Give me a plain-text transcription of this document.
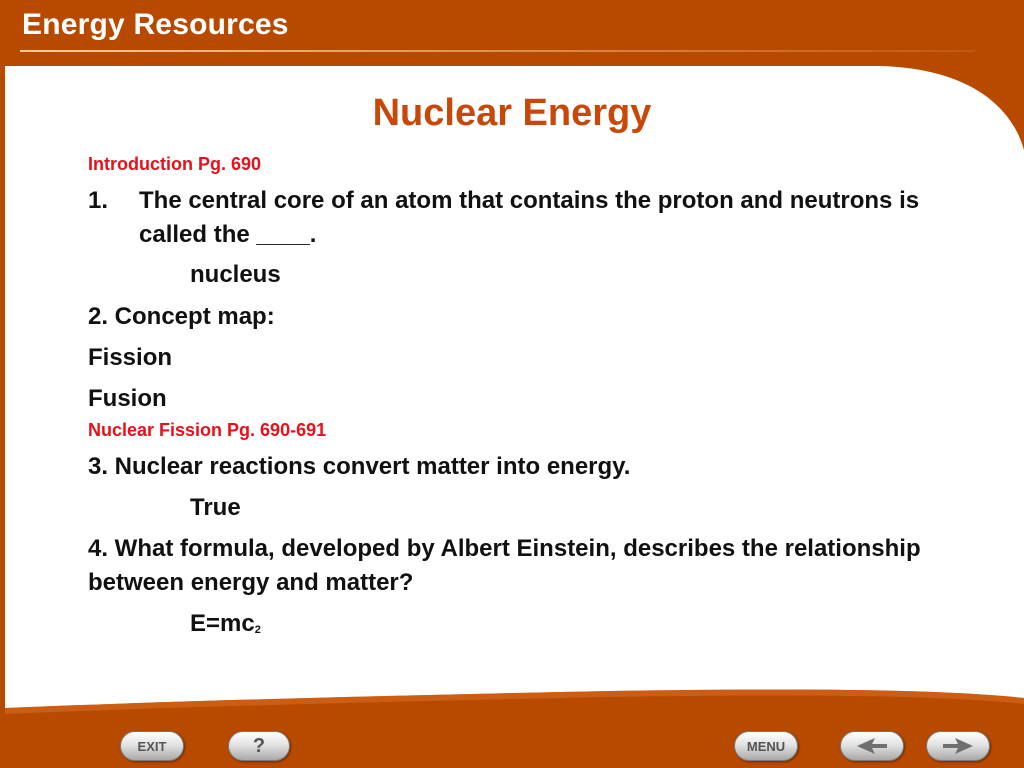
Energy Resources
Nuclear Energy

Introduction Pg. 690

1.	The central core of an atom that contains the proton and neutrons is called the ____.

nucleus

2. Concept map:

Fission

Fusion

Nuclear Fission Pg. 690-691

3. Nuclear reactions convert matter into energy.

True

4. What formula, developed by Albert Einstein, describes the relationship between energy and matter?

$E=mc_2$

EXIT	?	MENU
